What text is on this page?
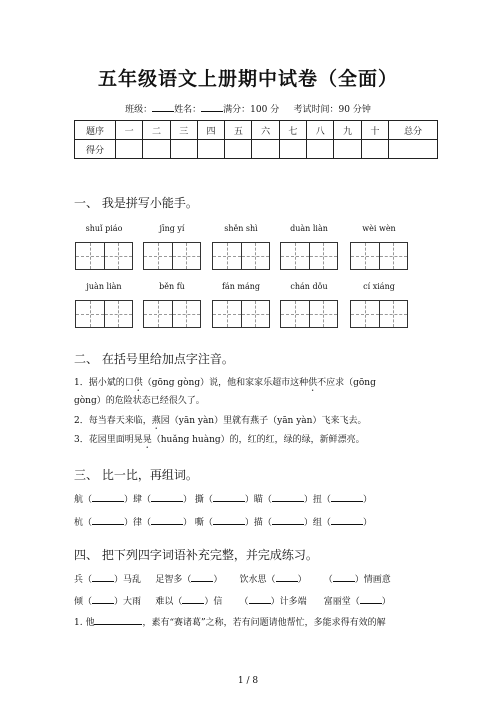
五年级语文上册期中试卷（全面）
班级： 姓名： 满分：100 分 考试时间：90 分钟
题序	一	二	三	四	五	六	七	八	九	十	总分
得分											
一、 我是拼写小能手。
shuǐ piáo	jīng yí	shěn shì	duàn liàn	wèi wèn
juàn liàn	běn fù	fán máng	chán dǒu	cí xiáng
二、 在括号里给加点字注音。
1．据小斌的口供（gōng gòng）说，他和家家乐超市这种供不应求（gōng
gòng）的危险状态已经很久了。
2．每当春天来临，燕园（yān yàn）里就有燕子（yān yàn）飞来飞去。
3．花园里面明晃晃（huǎng huàng）的，红的红，绿的绿，新鲜漂亮。
三、 比一比，再组词。
航（	）肆（	） 撕（	）瞄（	）扭（	）
杭（	）律（	） 嘶（	）描（	）组（	）
四、 把下列四字词语补充完整，并完成练习。
兵（ ）马乱 足智多（ ） 饮水思（ ） （ ）情画意
倾（ ）大雨 难以（ ）信 （ ）计多端 富丽堂（ ）
1. 他	，素有“赛诸葛”之称，若有问题请他帮忙，多能求得有效的解
1 / 8
